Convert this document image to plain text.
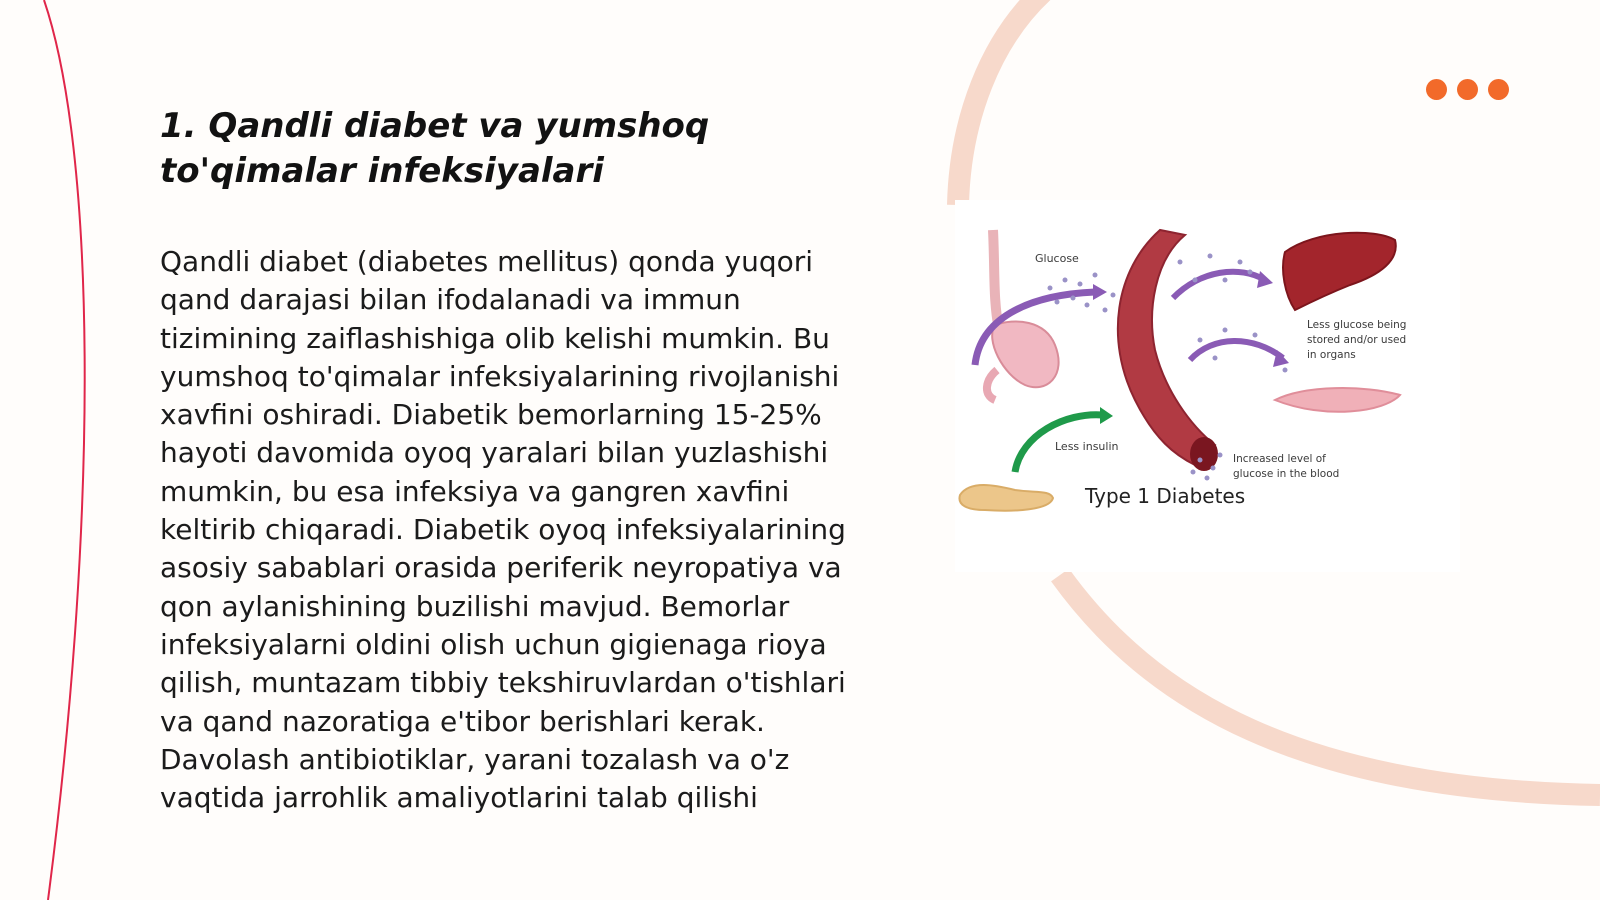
1. Qandli diabet va yumshoq to'qimalar infeksiyalari

Qandli diabet (diabetes mellitus) qonda yuqori qand darajasi bilan ifodalanadi va immun tizimining zaiflashishiga olib kelishi mumkin. Bu yumshoq to'qimalar infeksiyalarining rivojlanishi xavfini oshiradi. Diabetik bemorlarning 15-25% hayoti davomida oyoq yaralari bilan yuzlashishi mumkin, bu esa infeksiya va gangren xavfini keltirib chiqaradi. Diabetik oyoq infeksiyalarining asosiy sabablari orasida periferik neyropatiya va qon aylanishining buzilishi mavjud. Bemorlar infeksiyalarni oldini olish uchun gigienaga rioya qilish, muntazam tibbiy tekshiruvlardan o'tishlari va qand nazoratiga e'tibor berishlari kerak. Davolash antibiotiklar, yarani tozalash va o'z vaqtida jarrohlik amaliyotlarini talab qilishi

Glucose
Less insulin
Less glucose being
stored and/or used
in organs
Increased level of
glucose in the blood
Type 1 Diabetes
